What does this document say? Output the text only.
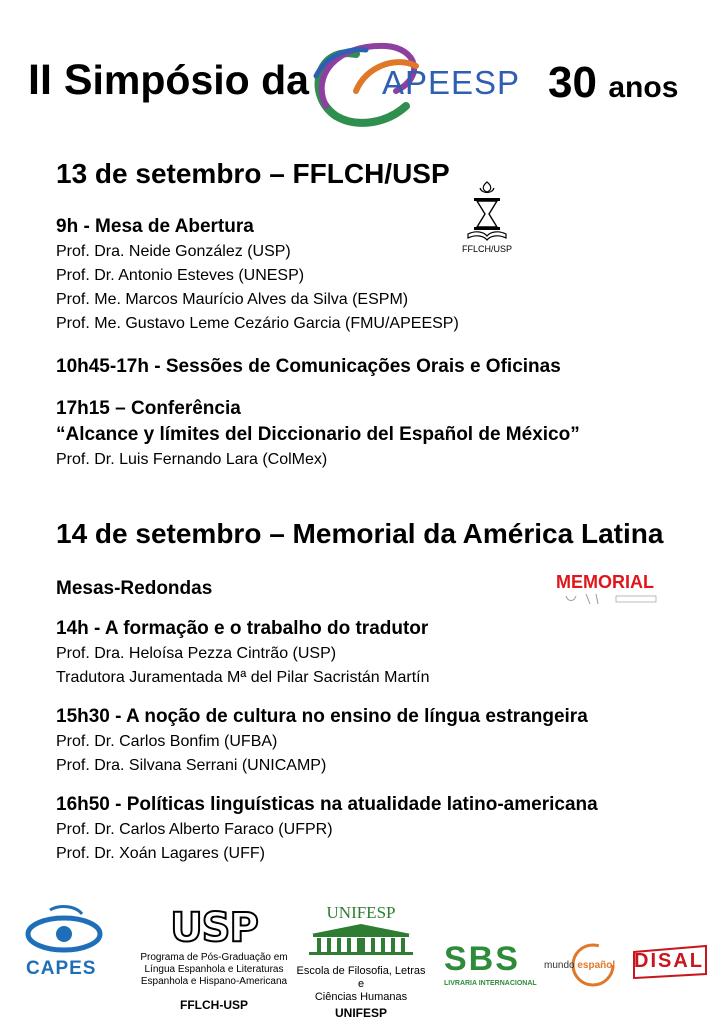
II Simpósio da APEESP 30 anos
13 de setembro – FFLCH/USP
FFLCH/USP
9h - Mesa de Abertura
Prof. Dra. Neide González (USP)
Prof. Dr. Antonio Esteves (UNESP)
Prof. Me. Marcos Maurício Alves da Silva (ESPM)
Prof. Me. Gustavo Leme Cezário Garcia (FMU/APEESP)
10h45-17h - Sessões de Comunicações Orais e Oficinas
17h15 – Conferência
“Alcance y límites del Diccionario del Español de México”
Prof. Dr. Luis Fernando Lara (ColMex)
14 de setembro – Memorial da América Latina
Mesas-Redondas	MEMORIAL
14h - A formação e o trabalho do tradutor
Prof. Dra. Heloísa Pezza Cintrão (USP)
Tradutora Juramentada Mª del Pilar Sacristán Martín
15h30 - A noção de cultura no ensino de língua estrangeira
Prof. Dr. Carlos Bonfim (UFBA)
Prof. Dra. Silvana Serrani (UNICAMP)
16h50 - Políticas linguísticas na atualidade latino-americana
Prof. Dr. Carlos Alberto Faraco (UFPR)
Prof. Dr. Xoán Lagares (UFF)
CAPES
USP
Programa de Pós-Graduação em
Língua Espanhola e Literaturas
Espanhola e Hispano-Americana
FFLCH-USP
UNIFESP
Escola de Filosofia, Letras e
Ciências Humanas
UNIFESP
SBS
LIVRARIA INTERNACIONAL
mundo español DISAL
